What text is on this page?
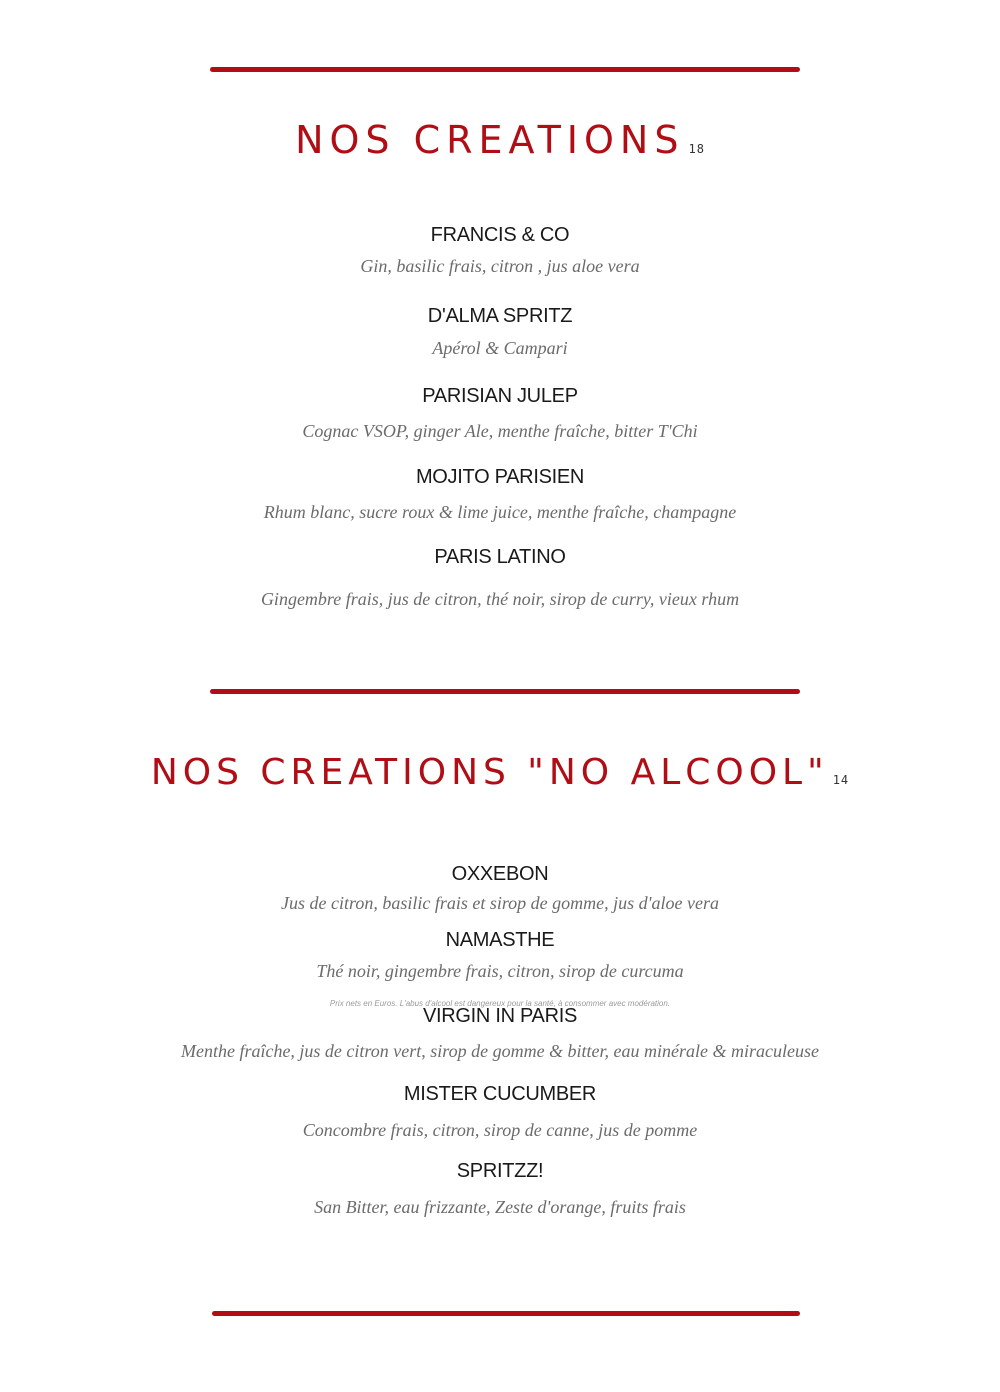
NOS CREATIONS 18
FRANCIS & CO
Gin, basilic frais, citron , jus aloe vera
D'ALMA SPRITZ
Apérol & Campari
PARISIAN JULEP
Cognac VSOP, ginger Ale, menthe fraîche, bitter T'Chi
MOJITO PARISIEN
Rhum blanc, sucre roux & lime juice, menthe fraîche, champagne
PARIS LATINO
Gingembre frais, jus de citron, thé noir, sirop de curry, vieux rhum
NOS CREATIONS "NO ALCOOL" 14
OXXEBON
Jus de citron, basilic frais et sirop de gomme, jus d'aloe vera
NAMASTHE
Thé noir, gingembre frais, citron, sirop de curcuma
Prix nets en Euros. L'abus d'alcool est dangereux pour la santé, à consommer avec modération.
VIRGIN IN PARIS
Menthe fraîche, jus de citron vert, sirop de gomme & bitter, eau minérale & miraculeuse
MISTER CUCUMBER
Concombre frais, citron, sirop de canne, jus de pomme
SPRITZZ!
San Bitter, eau frizzante, Zeste d'orange, fruits frais
